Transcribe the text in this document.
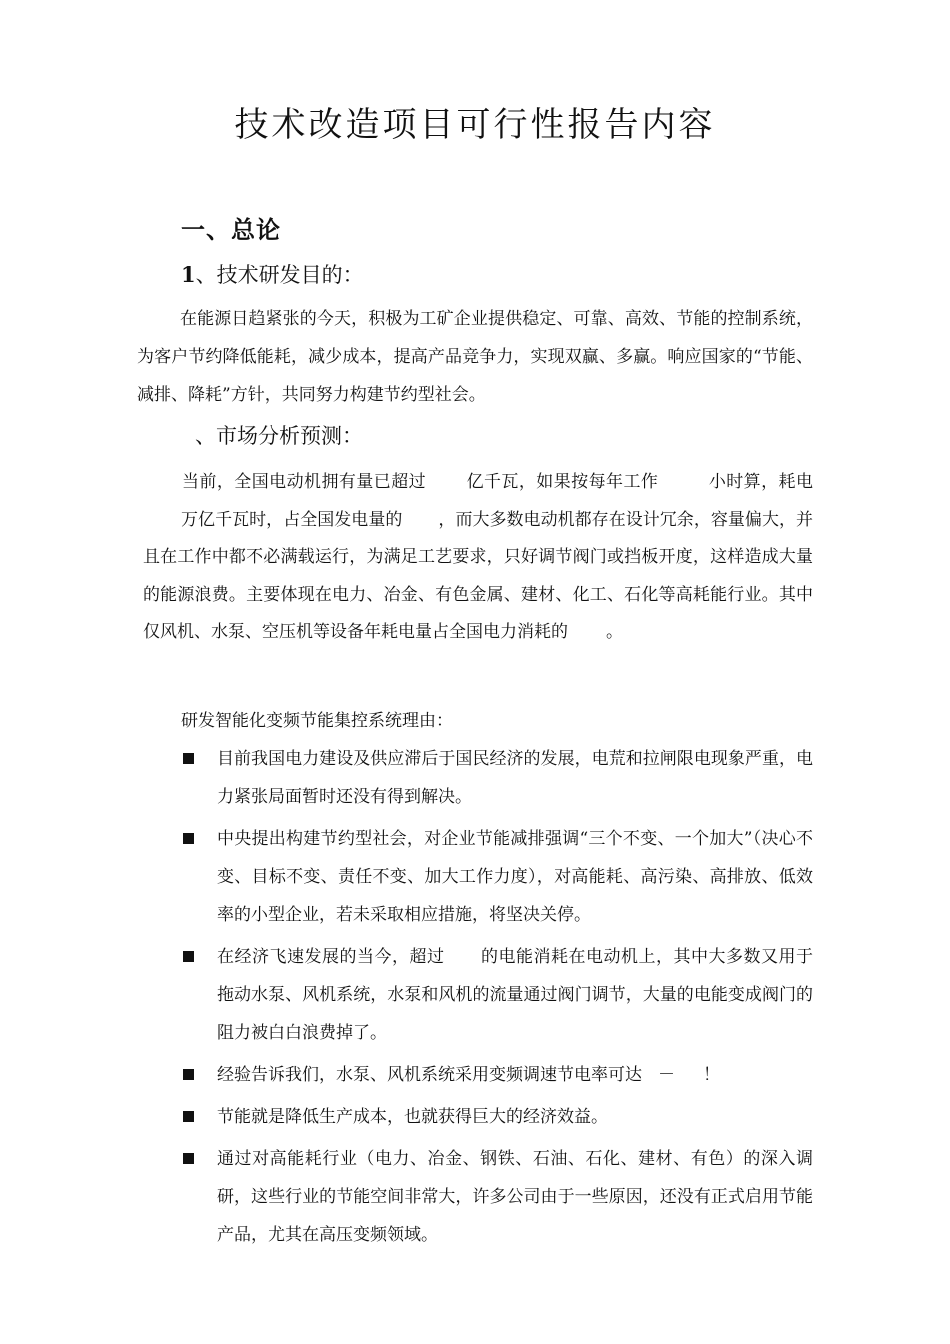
技术改造项目可行性报告内容
一、总论
1、技术研发目的：

在能源日趋紧张的今天，积极为工矿企业提供稳定、可靠、高效、节能的控制系统，为客户节约降低能耗，减少成本，提高产品竞争力，实现双赢、多赢。响应国家的“节能、减排、降耗”方针，共同努力构建节约型社会。

、市场分析预测：

当前，全国电动机拥有量已超过 亿千瓦，如果按每年工作	小时算，耗电万亿千瓦时，占全国发电量的 ，而大多数电动机都存在设计冗余，容量偏大，并且在工作中都不必满载运行，为满足工艺要求，只好调节阀门或挡板开度，这样造成大量的能源浪费。主要体现在电力、冶金、有色金属、建材、化工、石化等高耗能行业。其中仅风机、水泵、空压机等设备年耗电量占全国电力消耗的 。

研发智能化变频节能集控系统理由：

目前我国电力建设及供应滞后于国民经济的发展，电荒和拉闸限电现象严重，电力紧张局面暂时还没有得到解决。
中央提出构建节约型社会，对企业节能减排强调“三个不变、一个加大”（决心不变、目标不变、责任不变、加大工作力度），对高能耗、高污染、高排放、低效率的小型企业，若未采取相应措施，将坚决关停。
在经济飞速发展的当今，超过 的电能消耗在电动机上，其中大多数又用于拖动水泵、风机系统，水泵和风机的流量通过阀门调节，大量的电能变成阀门的阻力被白白浪费掉了。
经验告诉我们，水泵、风机系统采用变频调速节电率可达 － ！
节能就是降低生产成本，也就获得巨大的经济效益。
通过对高能耗行业（电力、冶金、钢铁、石油、石化、建材、有色）的深入调研，这些行业的节能空间非常大，许多公司由于一些原因，还没有正式启用节能产品，尤其在高压变频领域。
